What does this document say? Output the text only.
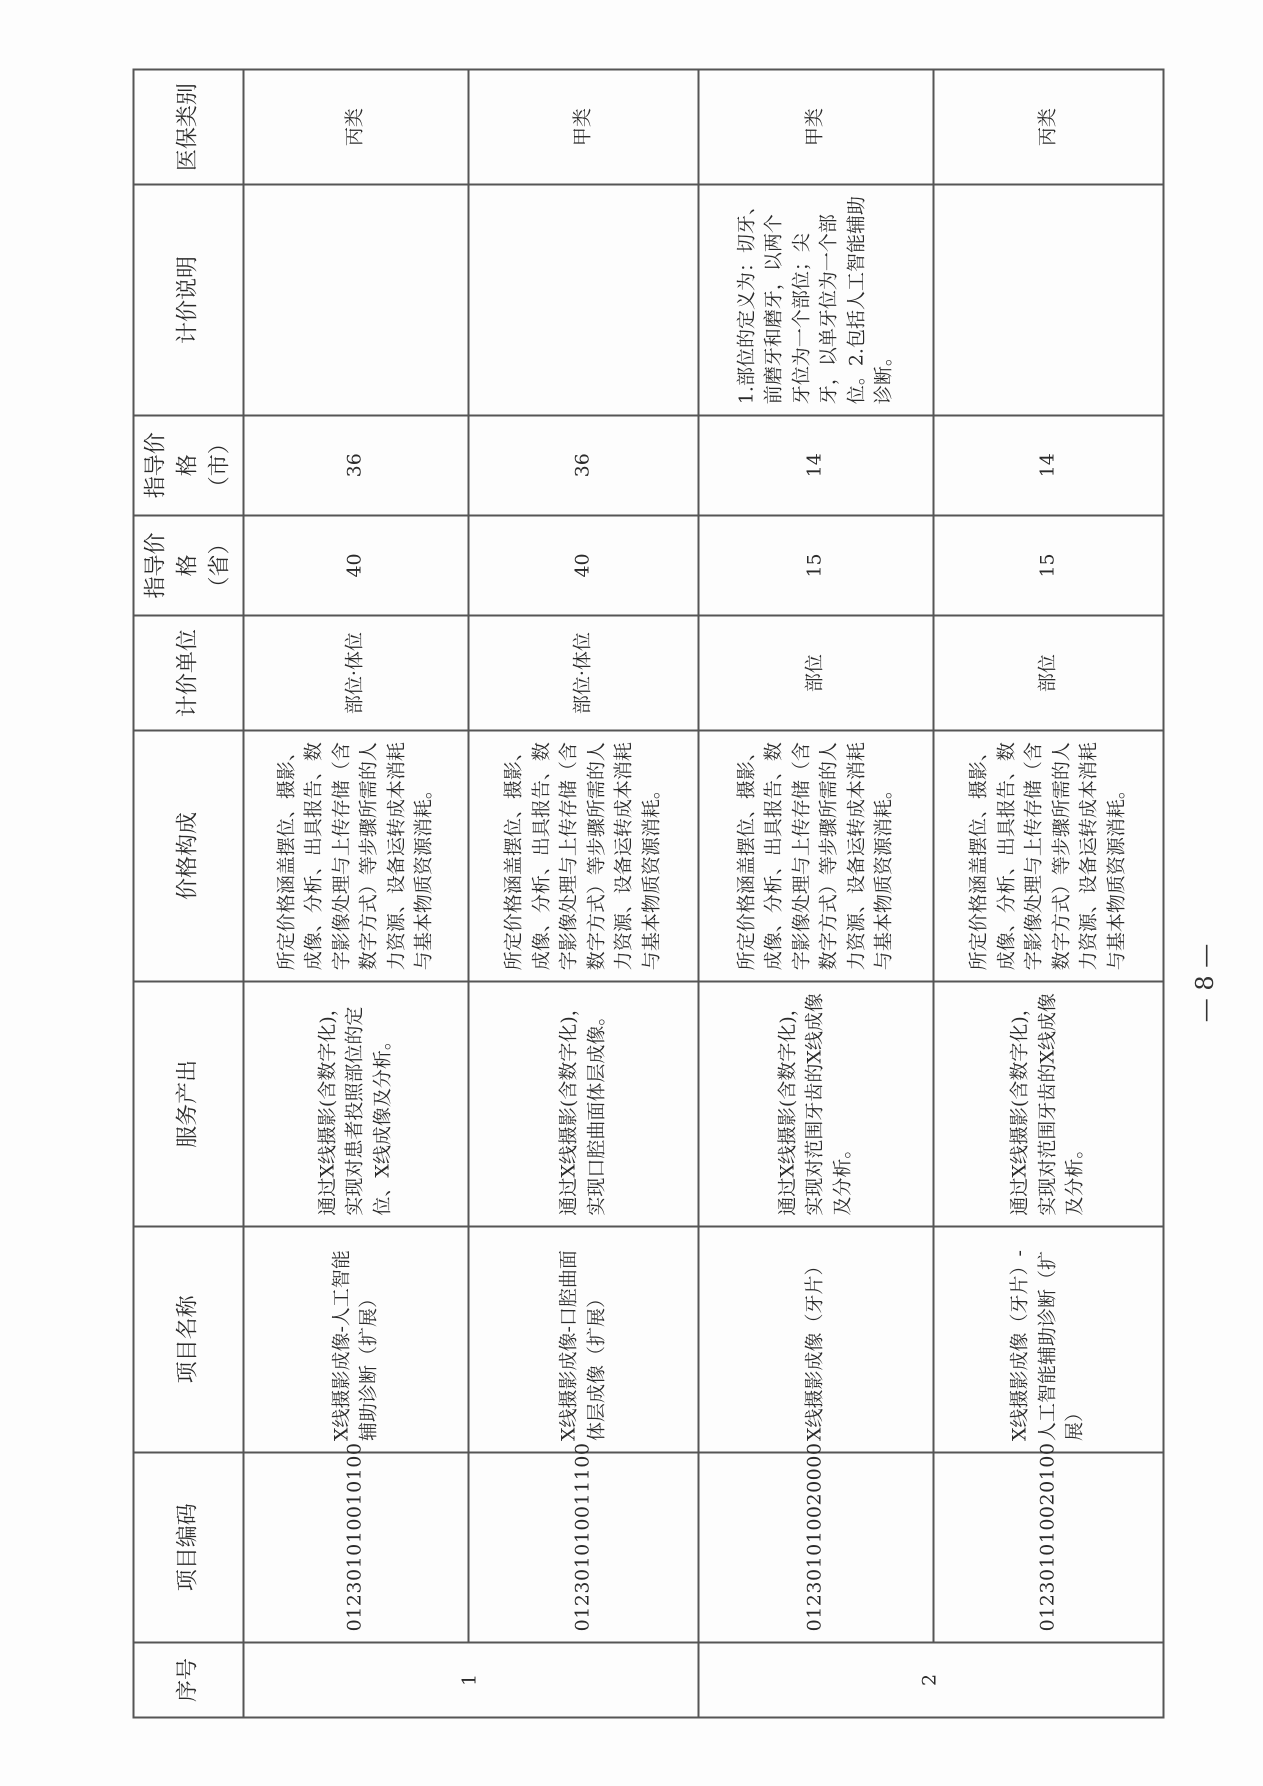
序号	项目编码	项目名称	服务产出	价格构成	计价单位	指导价格 （省）	指导价格 （市）	计价说明	医保类别
1	012301010010100	X线摄影成像-人工智能辅助诊断（扩展）	通过X线摄影(含数字化)，实现对患者投照部位的定位、X线成像及分析。	所定价格涵盖摆位、摄影、成像、分析、出具报告、数字影像处理与上传存储（含数字方式）等步骤所需的人力资源、设备运转成本消耗与基本物质资源消耗。	部位·体位	40	36		丙类
	012301010011100	X线摄影成像-口腔曲面体层成像（扩展）	通过X线摄影(含数字化)，实现口腔曲面体层成像。	所定价格涵盖摆位、摄影、成像、分析、出具报告、数字影像处理与上传存储（含数字方式）等步骤所需的人力资源、设备运转成本消耗与基本物质资源消耗。	部位·体位	40	36		甲类
2	012301010020000	X线摄影成像（牙片）	通过X线摄影(含数字化)，实现对范围牙齿的X线成像及分析。	所定价格涵盖摆位、摄影、成像、分析、出具报告、数字影像处理与上传存储（含数字方式）等步骤所需的人力资源、设备运转成本消耗与基本物质资源消耗。	部位	15	14	1.部位的定义为：切牙、前磨牙和磨牙，以两个牙位为一个部位；尖牙，以单牙位为一个部位。2.包括人工智能辅助诊断。	甲类
	012301010020100	X线摄影成像（牙片）-人工智能辅助诊断（扩展）	通过X线摄影(含数字化)，实现对范围牙齿的X线成像及分析。	所定价格涵盖摆位、摄影、成像、分析、出具报告、数字影像处理与上传存储（含数字方式）等步骤所需的人力资源、设备运转成本消耗与基本物质资源消耗。	部位	15	14		丙类
— 8 —
